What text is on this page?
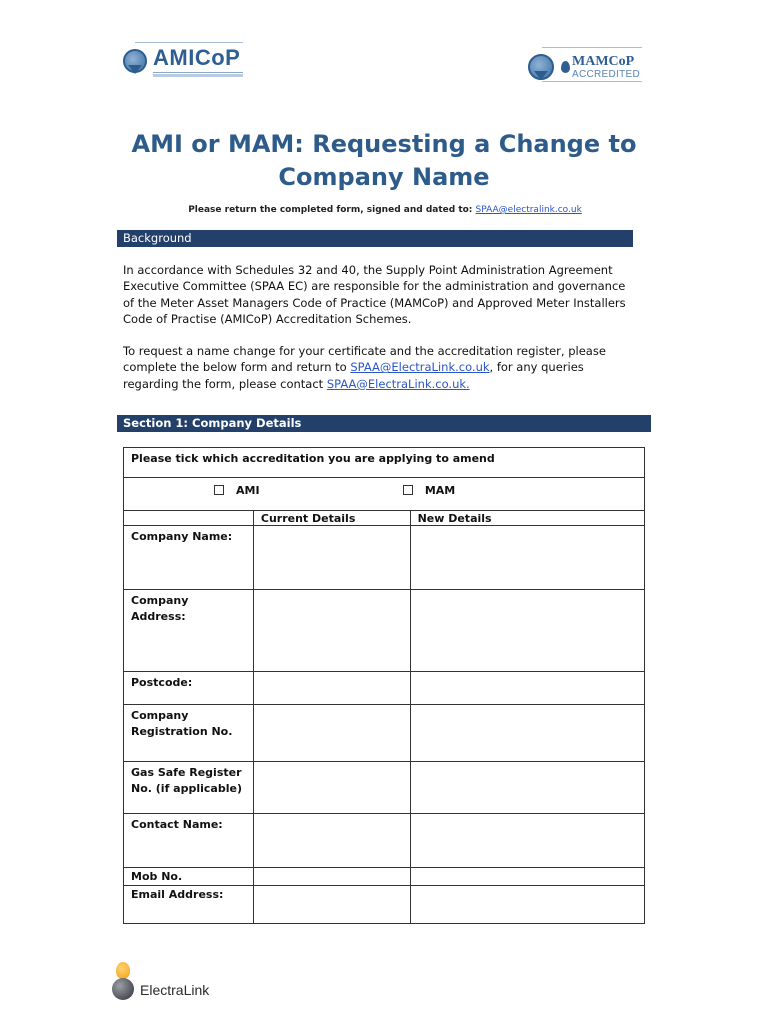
AMICoP	MAMCoP
ACCREDITED
AMI or MAM: Requesting a Change to
Company Name
Please return the completed form, signed and dated to: SPAA@electralink.co.uk
Background
In accordance with Schedules 32 and 40, the Supply Point Administration Agreement Executive Committee (SPAA EC) are responsible for the administration and governance of the Meter Asset Managers Code of Practice (MAMCoP) and Approved Meter Installers Code of Practise (AMICoP) Accreditation Schemes.
To request a name change for your certificate and the accreditation register, please complete the below form and return to SPAA@ElectraLink.co.uk, for any queries regarding the form, please contact SPAA@ElectraLink.co.uk.
Section 1: Company Details
Please tick which accreditation you are applying to amend		
AMI MAM		
	Current Details	New Details
Company Name:		
Company Address:		
Postcode:		
Company Registration No.		
Gas Safe Register No. (if applicable)		
Contact Name:		
Mob No.		
Email Address:		
ElectraLink
